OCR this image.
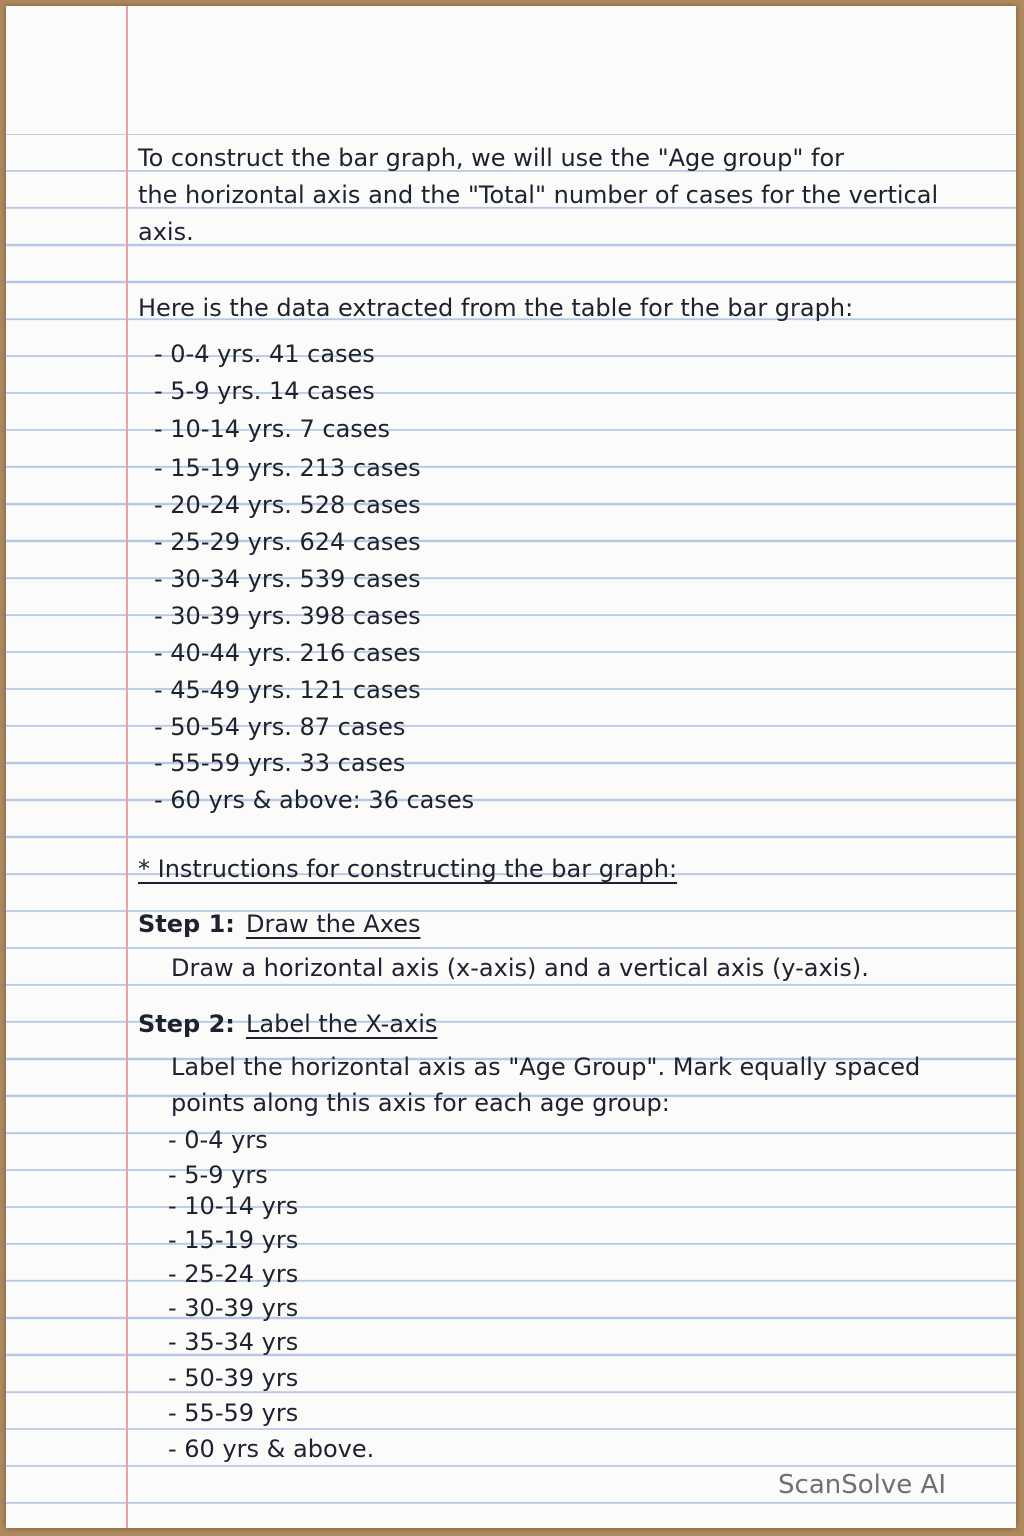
To construct the bar graph, we will use the "Age group" for
the horizontal axis and the "Total" number of cases for the vertical
axis.
Here is the data extracted from the table for the bar graph:
- 0-4 yrs. 41 cases
- 5-9 yrs. 14 cases
- 10-14 yrs. 7 cases
- 15-19 yrs. 213 cases
- 20-24 yrs. 528 cases
- 25-29 yrs. 624 cases
- 30-34 yrs. 539 cases
- 30-39 yrs. 398 cases
- 40-44 yrs. 216 cases
- 45-49 yrs. 121 cases
- 50-54 yrs. 87 cases
- 55-59 yrs. 33 cases
- 60 yrs & above: 36 cases
* Instructions for constructing the bar graph:
Step 1: Draw the Axes
Draw a horizontal axis (x-axis) and a vertical axis (y-axis).
Step 2: Label the X-axis
Label the horizontal axis as "Age Group". Mark equally spaced
points along this axis for each age group:
- 0-4 yrs
- 5-9 yrs
- 10-14 yrs
- 15-19 yrs
- 25-24 yrs
- 30-39 yrs
- 35-34 yrs
- 50-39 yrs
- 55-59 yrs
- 60 yrs & above.
ScanSolve AI
